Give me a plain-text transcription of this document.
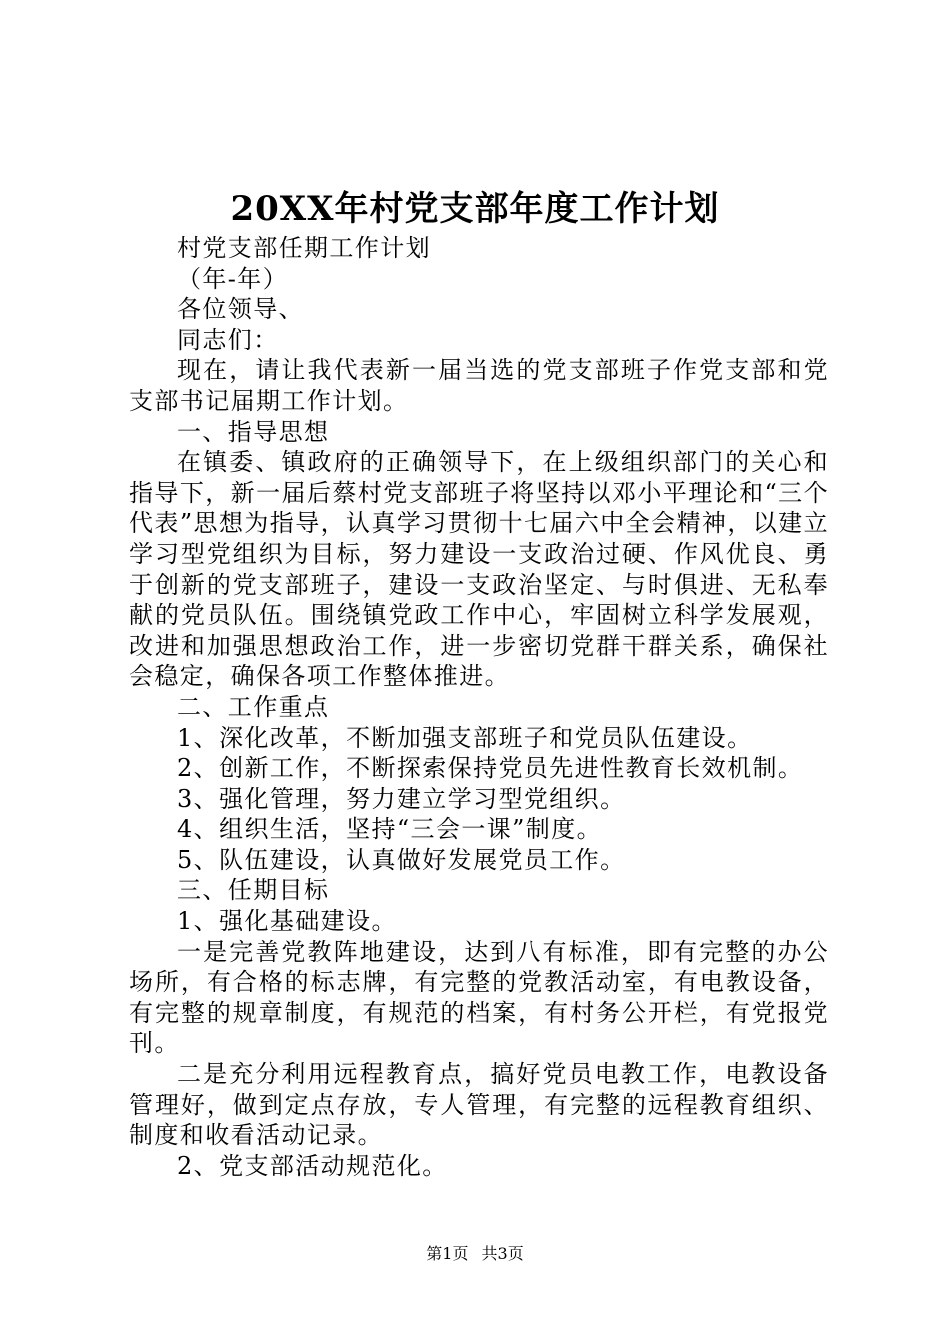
20XX年村党支部年度工作计划

村党支部任期工作计划

（年-年）

各位领导、

同志们：

现在，请让我代表新一届当选的党支部班子作党支部和党支部书记届期工作计划。

一、指导思想

在镇委、镇政府的正确领导下，在上级组织部门的关心和指导下，新一届后蔡村党支部班子将坚持以邓小平理论和“三个代表”思想为指导，认真学习贯彻十七届六中全会精神，以建立学习型党组织为目标，努力建设一支政治过硬、作风优良、勇于创新的党支部班子，建设一支政治坚定、与时俱进、无私奉献的党员队伍。围绕镇党政工作中心，牢固树立科学发展观，改进和加强思想政治工作，进一步密切党群干群关系，确保社会稳定，确保各项工作整体推进。

二、工作重点

1、深化改革，不断加强支部班子和党员队伍建设。

2、创新工作，不断探索保持党员先进性教育长效机制。

3、强化管理，努力建立学习型党组织。

4、组织生活，坚持“三会一课”制度。

5、队伍建设，认真做好发展党员工作。

三、任期目标

1、强化基础建设。

一是完善党教阵地建设，达到八有标准，即有完整的办公场所，有合格的标志牌，有完整的党教活动室，有电教设备，有完整的规章制度，有规范的档案，有村务公开栏，有党报党刊。

二是充分利用远程教育点，搞好党员电教工作，电教设备管理好，做到定点存放，专人管理，有完整的远程教育组织、制度和收看活动记录。

2、党支部活动规范化。

第1页 共3页
